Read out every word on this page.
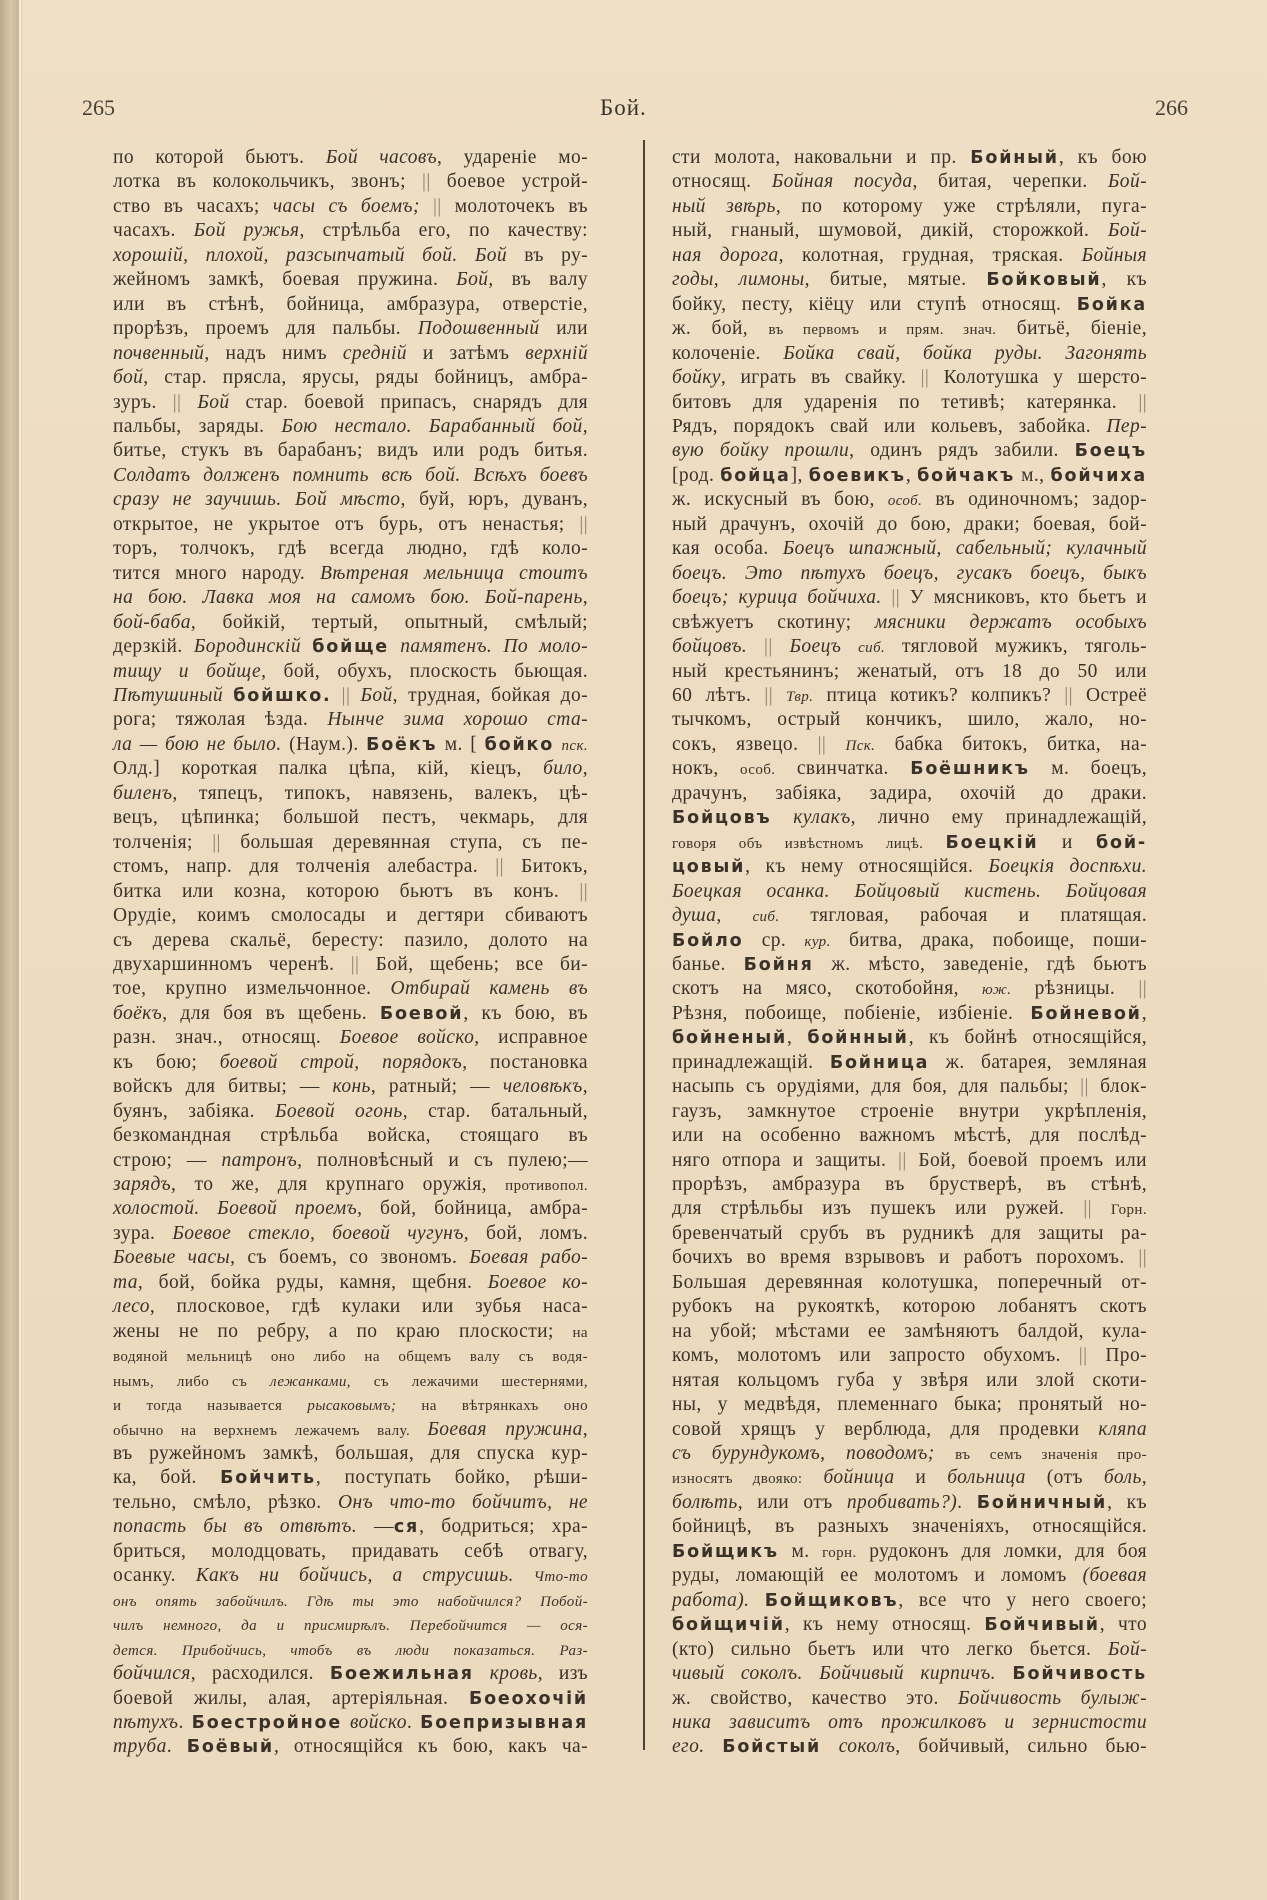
265	Бой.	266
по которой бьютъ. Бой часовъ, удареніе мо-
лотка въ колокольчикъ, звонъ; || боевое устрой-
ство въ часахъ; часы съ боемъ; || молоточекъ въ
часахъ. Бой ружья, стрѣльба его, по качеству:
хорошій, плохой, разсыпчатый бой. Бой въ ру-
жейномъ замкѣ, боевая пружина. Бой, въ валу
или въ стѣнѣ, бойница, амбразура, отверстіе,
прорѣзъ, проемъ для пальбы. Подошвенный или
почвенный, надъ нимъ средній и затѣмъ верхній
бой, стар. прясла, ярусы, ряды бойницъ, амбра-
зуръ. || Бой стар. боевой припасъ, снарядъ для
пальбы, заряды. Бою нестало. Барабанный бой,
битье, стукъ въ барабанъ; видъ или родъ битья.
Солдатъ долженъ помнить всѣ бой. Всѣхъ боевъ
сразу не заучишь. Бой мѣсто, буй, юръ, дуванъ,
открытое, не укрытое отъ бурь, отъ ненастья; ||
торъ, толчокъ, гдѣ всегда людно, гдѣ коло-
тится много народу. Вѣтреная мельница стоитъ
на бою. Лавка моя на самомъ бою. Бой-парень,
бой-баба, бойкій, тертый, опытный, смѣлый;
дерзкій. Бородинскій бойще памятенъ. По моло-
тищу и бойще, бой, обухъ, плоскость бьющая.
Пѣтушиный бойшко. || Бой, трудная, бойкая до-
рога; тяжолая ѣзда. Нынче зима хорошо ста-
ла — бою не было. (Наум.). Боёкъ м. [ бойко пск.
Олд.] короткая палка цѣпа, кій, кіецъ, било,
биленъ, тяпецъ, типокъ, навязень, валекъ, цѣ-
вецъ, цѣпинка; большой пестъ, чекмарь, для
толченія; || большая деревянная ступа, съ пе-
стомъ, напр. для толченія алебастра. || Битокъ,
битка или козна, которою бьютъ въ конъ. ||
Орудіе, коимъ смолосады и дегтяри сбиваютъ
съ дерева скальё, бересту: пазило, долото на
двухаршинномъ черенѣ. || Бой, щебень; все би-
тое, крупно измельчонное. Отбирай камень въ
боёкъ, для боя въ щебень. Боевой, къ бою, въ
разн. знач., относящ. Боевое войско, исправное
къ бою; боевой строй, порядокъ, постановка
войскъ для битвы; — конь, ратный; — человѣкъ,
буянъ, забіяка. Боевой огонь, стар. батальный,
безкомандная стрѣльба войска, стоящаго въ
строю; — патронъ, полновѣсный и съ пулею;—
зарядъ, то же, для крупнаго оружія, противопол.
холостой. Боевой проемъ, бой, бойница, амбра-
зура. Боевое стекло, боевой чугунъ, бой, ломъ.
Боевые часы, съ боемъ, со звономъ. Боевая рабо-
та, бой, бойка руды, камня, щебня. Боевое ко-
лесо, плосковое, гдѣ кулаки или зубья наса-
жены не по ребру, а по краю плоскости; на
водяной мельницѣ оно либо на общемъ валу съ водя-
нымъ, либо съ лежанками, съ лежачими шестернями,
и тогда называется рысаковымъ; на вѣтрянкахъ оно
обычно на верхнемъ лежачемъ валу. Боевая пружина,
въ ружейномъ замкѣ, большая, для спуска кур-
ка, бой. Бойчить, поступать бойко, рѣши-
тельно, смѣло, рѣзко. Онъ что-то бойчитъ, не
попасть бы въ отвѣтъ. —ся, бодриться; хра-
бриться, молодцовать, придавать себѣ отвагу,
осанку. Какъ ни бойчись, а струсишь. Что-то
онъ опять забойчилъ. Гдѣ ты это набойчился? Побой-
чилъ немного, да и присмирѣлъ. Перебойчится — ося-
дется. Прибойчись, чтобъ въ люди показаться. Раз-
бойчился, расходился. Боежильная кровь, изъ
боевой жилы, алая, артеріяльная. Боеохочій
пѣтухъ. Боестройное войско. Боепризывная
труба. Боёвый, относящійся къ бою, какъ ча-
сти молота, наковальни и пр. Бойный, къ бою
относящ. Бойная посуда, битая, черепки. Бой-
ный звѣрь, по которому уже стрѣляли, пуга-
ный, гнаный, шумовой, дикій, сторожкой. Бой-
ная дорога, колотная, грудная, тряская. Бойныя
годы, лимоны, битые, мятые. Бойковый, къ
бойку, песту, кіёцу или ступѣ относящ. Бойка
ж. бой, въ первомъ и прям. знач. битьё, біеніе,
колоченіе. Бойка свай, бойка руды. Загонять
бойку, играть въ свайку. || Колотушка у шерсто-
битовъ для ударенія по тетивѣ; катерянка. ||
Рядъ, порядокъ свай или кольевъ, забойка. Пер-
вую бойку прошли, одинъ рядъ забили. Боецъ
[род. бойца], боевикъ, бойчакъ м., бойчиха
ж. искусный въ бою, особ. въ одиночномъ; задор-
ный драчунъ, охочій до бою, драки; боевая, бой-
кая особа. Боецъ шпажный, сабельный; кулачный
боецъ. Это пѣтухъ боецъ, гусакъ боецъ, быкъ
боецъ; курица бойчиха. || У мясниковъ, кто бьетъ и
свѣжуетъ скотину; мясники держатъ особыхъ
бойцовъ. || Боецъ сиб. тягловой мужикъ, тяголь-
ный крестьянинъ; женатый, отъ 18 до 50 или
60 лѣтъ. || Твр. птица котикъ? колпикъ? || Остреё
тычкомъ, острый кончикъ, шило, жало, но-
сокъ, язвецо. || Пск. бабка битокъ, битка, на-
нокъ, особ. свинчатка. Боёшникъ м. боецъ,
драчунъ, забіяка, задира, охочій до драки.
Бойцовъ кулакъ, лично ему принадлежащій,
говоря объ извѣстномъ лицѣ. Боецкій и бой-
цовый, къ нему относящійся. Боецкія доспѣхи.
Боецкая осанка. Бойцовый кистень. Бойцовая
душа, сиб. тягловая, рабочая и платящая.
Бойло ср. кур. битва, драка, побоище, поши-
баньe. Бойня ж. мѣсто, заведеніе, гдѣ бьютъ
скотъ на мясо, скотобойня, юж. рѣзницы. ||
Рѣзня, побоище, побіеніе, избіеніе. Бойневой,
бойненый, бойнный, къ бойнѣ относящійся,
принадлежащій. Бойница ж. батарея, земляная
насыпь съ орудіями, для боя, для пальбы; || блок-
гаузъ, замкнутое строеніе внутри укрѣпленія,
или на особенно важномъ мѣстѣ, для послѣд-
няго отпора и защиты. || Бой, боевой проемъ или
прорѣзъ, амбразура въ брустверѣ, въ стѣнѣ,
для стрѣльбы изъ пушекъ или ружей. || Горн.
бревенчатый срубъ въ рудникѣ для защиты ра-
бочихъ во время взрывовъ и работъ порохомъ. ||
Большая деревянная колотушка, поперечный от-
рубокъ на рукояткѣ, которою лобанятъ скотъ
на убой; мѣстами ее замѣняютъ балдой, кула-
комъ, молотомъ или запросто обухомъ. || Про-
нятая кольцомъ губа у звѣря или злой скоти-
ны, у медвѣдя, племеннаго быка; пронятый но-
совой хрящъ у верблюда, для продевки кляпа
съ бурундукомъ, поводомъ; въ семъ значенія про-
износятъ двояко: бойница и больница (отъ боль,
болѣть, или отъ пробивать?). Бойничный, къ
бойницѣ, въ разныхъ значеніяхъ, относящійся.
Бойщикъ м. горн. рудоконъ для ломки, для боя
руды, ломающій ее молотомъ и ломомъ (боевая
работа). Бойщиковъ, все что у него своего;
бойщичій, къ нему относящ. Бойчивый, что
(кто) сильно бьетъ или что легко бьется. Бой-
чивый соколъ. Бойчивый кирпичъ. Бойчивость
ж. свойство, качество это. Бойчивость булыж-
ника зависитъ отъ прожилковъ и зернистости
его. Бойстый соколъ, бойчивый, сильно бью-
